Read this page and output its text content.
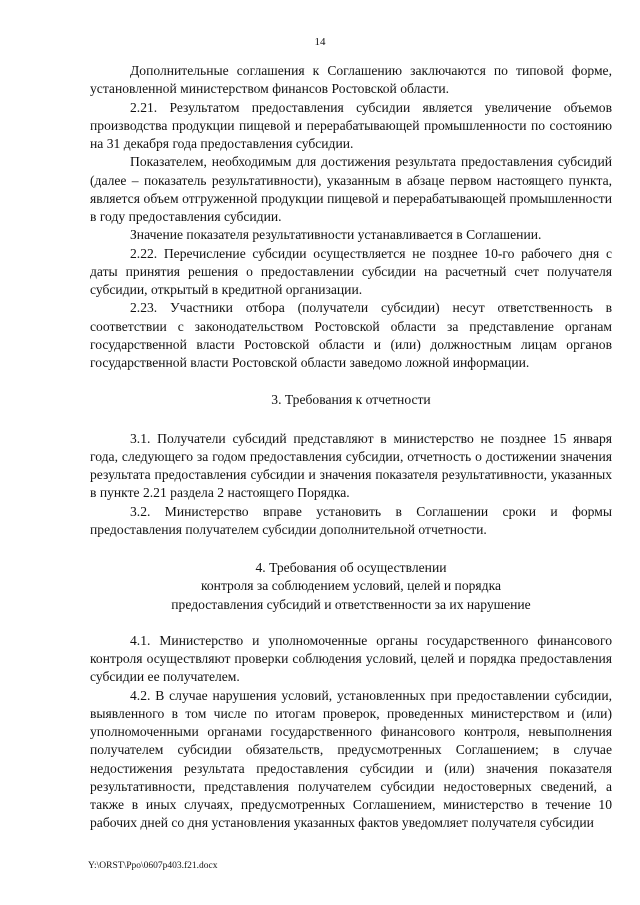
14

Дополнительные соглашения к Соглашению заключаются по типовой форме, установленной министерством финансов Ростовской области.

2.21. Результатом предоставления субсидии является увеличение объемов производства продукции пищевой и перерабатывающей промышленности по состоянию на 31 декабря года предоставления субсидии.

Показателем, необходимым для достижения результата предоставления субсидий (далее – показатель результативности), указанным в абзаце первом настоящего пункта, является объем отгруженной продукции пищевой и перерабатывающей промышленности в году предоставления субсидии.

Значение показателя результативности устанавливается в Соглашении.

2.22. Перечисление субсидии осуществляется не позднее 10-го рабочего дня с даты принятия решения о предоставлении субсидии на расчетный счет получателя субсидии, открытый в кредитной организации.

2.23. Участники отбора (получатели субсидии) несут ответственность в соответствии с законодательством Ростовской области за представление органам государственной власти Ростовской области и (или) должностным лицам органов государственной власти Ростовской области заведомо ложной информации.

3. Требования к отчетности

3.1. Получатели субсидий представляют в министерство не позднее 15 января года, следующего за годом предоставления субсидии, отчетность о достижении значения результата предоставления субсидии и значения показателя результативности, указанных в пункте 2.21 раздела 2 настоящего Порядка.

3.2. Министерство вправе установить в Соглашении сроки и формы предоставления получателем субсидии дополнительной отчетности.

4. Требования об осуществлении
контроля за соблюдением условий, целей и порядка
предоставления субсидий и ответственности за их нарушение

4.1. Министерство и уполномоченные органы государственного финансового контроля осуществляют проверки соблюдения условий, целей и порядка предоставления субсидии ее получателем.

4.2. В случае нарушения условий, установленных при предоставлении субсидии, выявленного в том числе по итогам проверок, проведенных министерством и (или) уполномоченными органами государственного финансового контроля, невыполнения получателем субсидии обязательств, предусмотренных Соглашением; в случае недостижения результата предоставления субсидии и (или) значения показателя результативности, представления получателем субсидии недостоверных сведений, а также в иных случаях, предусмотренных Соглашением, министерство в течение 10 рабочих дней со дня установления указанных фактов уведомляет получателя субсидии

Y:\ORST\Ppo\0607p403.f21.docx
